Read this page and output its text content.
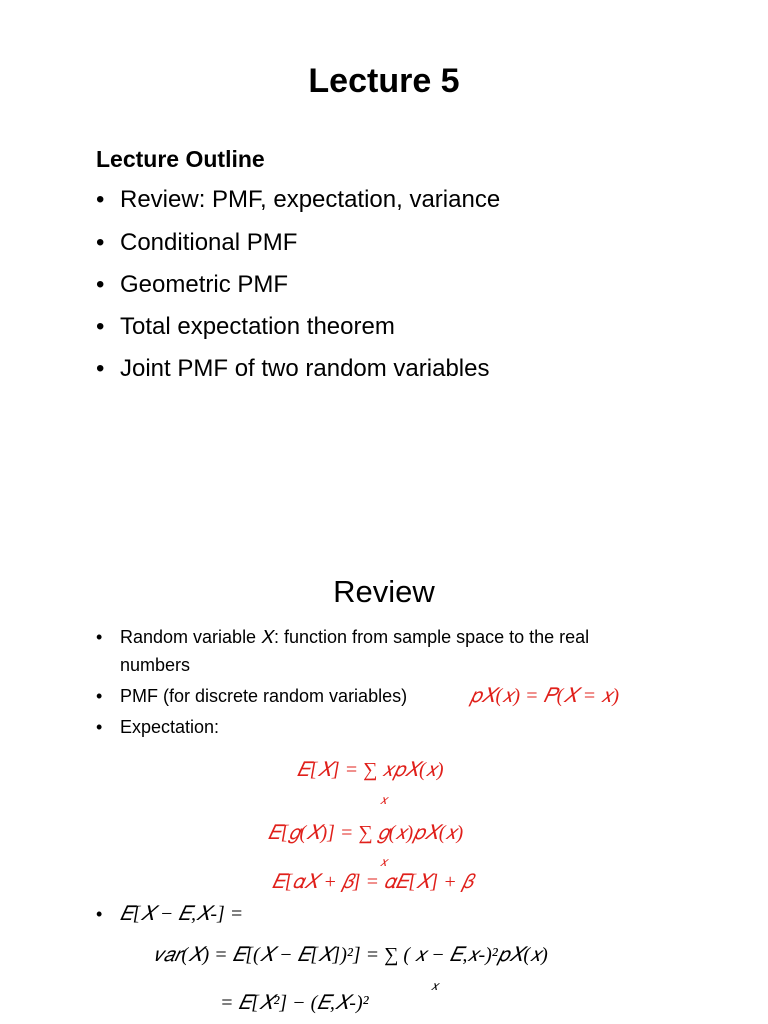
Lecture 5
Lecture Outline
• Review: PMF, expectation, variance
• Conditional PMF
• Geometric PMF
• Total expectation theorem
• Joint PMF of two random variables
Review
• Random variable 𝑋: function from sample space to the real
numbers
• PMF (for discrete random variables)	𝑝𝑋(𝑥) = 𝑃(𝑋 = 𝑥)
• Expectation:
𝐸[𝑋] = ∑ 𝑥𝑝𝑋(𝑥)
𝑥
𝐸[𝑔(𝑋)] = ∑ 𝑔(𝑥)𝑝𝑋(𝑥)
𝑥
𝐸[𝛼𝑋 + 𝛽] = 𝛼𝐸[𝑋] + 𝛽
• 𝐸[𝑋 − 𝐸,𝑋-] =
𝑣𝑎𝑟(𝑋) = 𝐸[(𝑋 − 𝐸[𝑋])²] = ∑ ( 𝑥 − 𝐸,𝑥-)²𝑝𝑋(𝑥)
𝑥
= 𝐸[𝑋²] − (𝐸,𝑋-)²
